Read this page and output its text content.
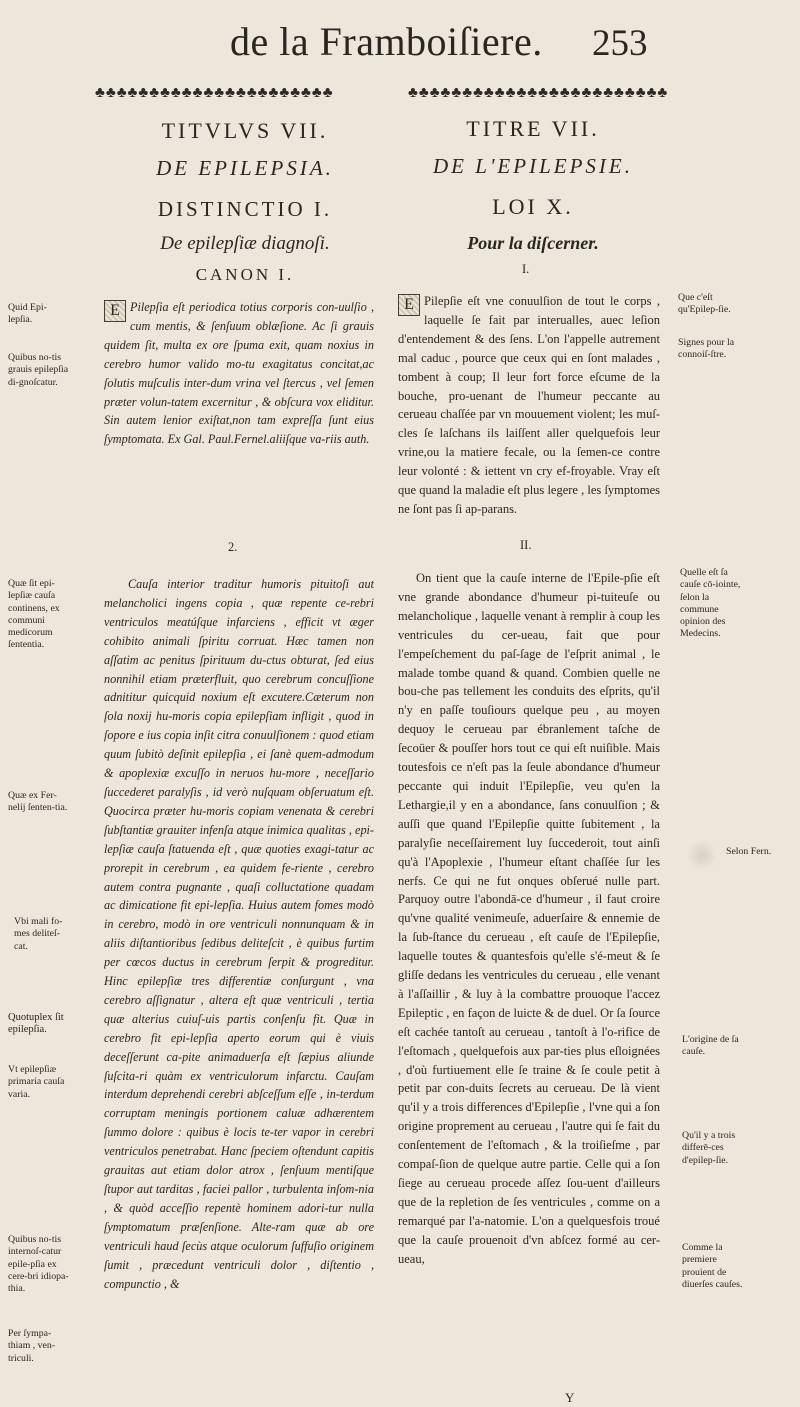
de la Framboiſiere. 253
♣♣♣♣♣♣♣♣♣♣♣♣♣♣♣♣♣♣♣♣♣♣	♣♣♣♣♣♣♣♣♣♣♣♣♣♣♣♣♣♣♣♣♣♣♣♣
TITVLVS VII.
DE EPILEPSIA.
DISTINCTIO I.
De epilepſiæ diagnoſi.
CANON I.
TITRE VII.
DE L'EPILEPSIE.
LOI X.
Pour la diſcerner.
I.
E Pilepſia eſt periodica totius corporis con-uulſio , cum mentis, & ſenſuum oblæſione. Ac ſi grauis quidem ſit, multa ex ore ſpuma exit, quam noxius in cerebro humor valido mo-tu exagitatus concitat,ac ſolutis muſculis inter-dum vrina vel ſtercus , vel ſemen præter volun-tatem excernitur , & obſcura vox eliditur. Sin autem lenior exiſtat,non tam expreſſa ſunt eius ſymptomata. Ex Gal. Paul.Fernel.aliiſque va-riis auth.
2.
Cauſa interior traditur humoris pituitoſi aut melancholici ingens copia , quæ repente ce-rebri ventriculos meatúſque infarciens , efficit vt æger cohibito animali ſpiritu corruat. Hæc tamen non aſſatim ac penitus ſpirituum du-ctus obturat, ſed eius nonnihil etiam præterfluit, quo cerebrum concuſſione adnititur quicquid noxium eſt excutere.Cæterum non ſola noxij hu-moris copia epilepſiam infligit , quod in ſopore e ius copia inſit citra conuulſionem : quod etiam quum ſubitò deſinit epilepſia , ei ſanè quem-admodum & apoplexiæ excuſſo in neruos hu-more , neceſſario ſuccederet paralyſis , id verò nuſquam obſeruatum eſt. Quocirca præter hu-moris copiam venenata & cerebri ſubſtantiæ grauiter infenſa atque inimica qualitas , epi-lepſiæ cauſa ſtatuenda eſt , quæ quoties exagi-tatur ac prorepit in cerebrum , ea quidem fe-riente , cerebro autem contra pugnante , quaſi colluctatione quadam ac dimicatione fit epi-lepſia. Huius autem fomes modò in cerebro, modò in ore ventriculi nonnunquam & in aliis diſtantioribus ſedibus deliteſcit , è quibus furtim per cœcos ductus in cerebrum ſerpit & progreditur. Hinc epilepſiæ tres differentiæ conſurgunt , vna cerebro aſſignatur , altera eſt quæ ventriculi , tertia quæ alterius cuiuſ-uis partis conſenſu fit. Quæ in cerebro fit epi-lepſia aperto eorum qui è viuis deceſſerunt ca-pite animaduerſa eſt ſæpius aliunde ſuſcita-ri quàm ex ventriculorum infarctu. Cauſam interdum deprehendi cerebri abſceſſum eſſe , in-terdum corruptam meningis portionem caluæ adhærentem ſummo dolore : quibus è locis te-ter vapor in cerebri ventriculos penetrabat. Hanc ſpeciem oſtendunt capitis grauitas aut etiam dolor atrox , ſenſuum mentiſque ſtupor aut tarditas , faciei pallor , turbulenta inſom-nia , & quòd acceſſio repentè hominem adori-tur nulla ſymptomatum præſenſione. Alte-ram quæ ab ore ventriculi haud ſecùs atque oculorum ſuffuſio originem ſumit , præcedunt ventriculi dolor , diſtentio , compunctio , &
E Pilepſie eſt vne conuulſion de tout le corps , laquelle ſe fait par interualles, auec leſion d'entendement & des ſens. L'on l'appelle autrement mal caduc , pource que ceux qui en ſont malades , tombent à coup; Il leur fort force eſcume de la bouche, pro-uenant de l'humeur peccante au cerueau chaſſée par vn mouuement violent; les muſ-cles ſe laſchans ils laiſſent aller quelquefois leur vrine,ou la matiere fecale, ou la ſemen-ce contre leur volonté : & iettent vn cry ef-froyable. Vray eſt que quand la maladie eſt plus legere , les ſymptomes ne ſont pas ſi ap-parans.
II.
On tient que la cauſe interne de l'Epile-pſie eſt vne grande abondance d'humeur pi-tuiteuſe ou melancholique , laquelle venant à remplir à coup les ventricules du cer-ueau, fait que pour l'empeſchement du paſ-ſage de l'eſprit animal , le malade tombe quand & quand. Combien quelle ne bou-che pas tellement les conduits des eſprits, qu'il n'y en paſſe touſiours quelque peu , au moyen dequoy le cerueau par ébranlement taſche de ſecoüer & pouſſer hors tout ce qui eſt nuiſible. Mais toutesfois ce n'eſt pas la ſeule abondance d'humeur peccante qui induit l'Epilepſie, veu qu'en la Lethargie,il y en a abondance, ſans conuulſion ; & auſſi que quand l'Epilepſie quitte ſubitement , la paralyſie neceſſairement luy ſuccederoit, tout ainſi qu'à l'Apoplexie , l'humeur eſtant chaſſée ſur les nerfs. Ce qui ne fut onques obſerué nulle part. Parquoy outre l'abondā-ce d'humeur , il faut croire qu'vne qualité venimeuſe, aduerſaire & ennemie de la ſub-ſtance du cerueau , eſt cauſe de l'Epilepſie, laquelle toutes & quantesfois qu'elle s'é-meut & ſe gliſſe dedans les ventricules du cerueau , elle venant à l'aſſaillir , & luy à la combattre prouoque l'accez Epileptic , en façon de luicte & de duel. Or ſa ſource eſt cachée tantoſt au cerueau , tantoſt à l'o-rifice de l'eſtomach , quelquefois aux par-ties plus eſloignées , d'où furtiuement elle ſe traine & ſe coule petit à petit par con-duits ſecrets au cerueau. De là vient qu'il y a trois differences d'Epilepſie , l'vne qui a ſon origine proprement au cerueau , l'autre qui ſe fait du conſentement de l'eſtomach , & la troiſieſme , par compaſ-ſion de quelque autre partie. Celle qui a ſon ſiege au cerueau procede aſſez ſou-uent d'ailleurs que de la repletion de ſes ventricules , comme on a remarqué par l'a-natomie. L'on a quelquesfois troué que la cauſe prouenoit d'vn abſcez formé au cer-ueau,
Y
Quid Epi-lepſia.
Quibus no-tis grauis epilepſia di-gnoſcatur.
Quæ ſit epi-lepſiæ cauſa continens, ex communi medicorum ſententia.
Quæ ex Fer-nelij ſenten-tia.
Vbi mali fo-mes deliteſ-cat.
Quotuplex ſit epilepſia.
Vt epilepſiæ primaria cauſa varia.
Quibus no-tis internoſ-catur epile-pſia ex cere-bri idiopa-thia.
Per ſympa-thiam , ven-triculi.
Que c'eſt qu'Epilep-ſie.
Signes pour la connoiſ-ſtre.
Quelle eſt ſa cauſe cō-iointe, ſelon la commune opinion des Medecins.
Selon Fern.
L'origine de ſa cauſe.
Qu'il y a trois differē-ces d'epilep-ſie.
Comme la premiere prouient de diuerſes cauſes.
